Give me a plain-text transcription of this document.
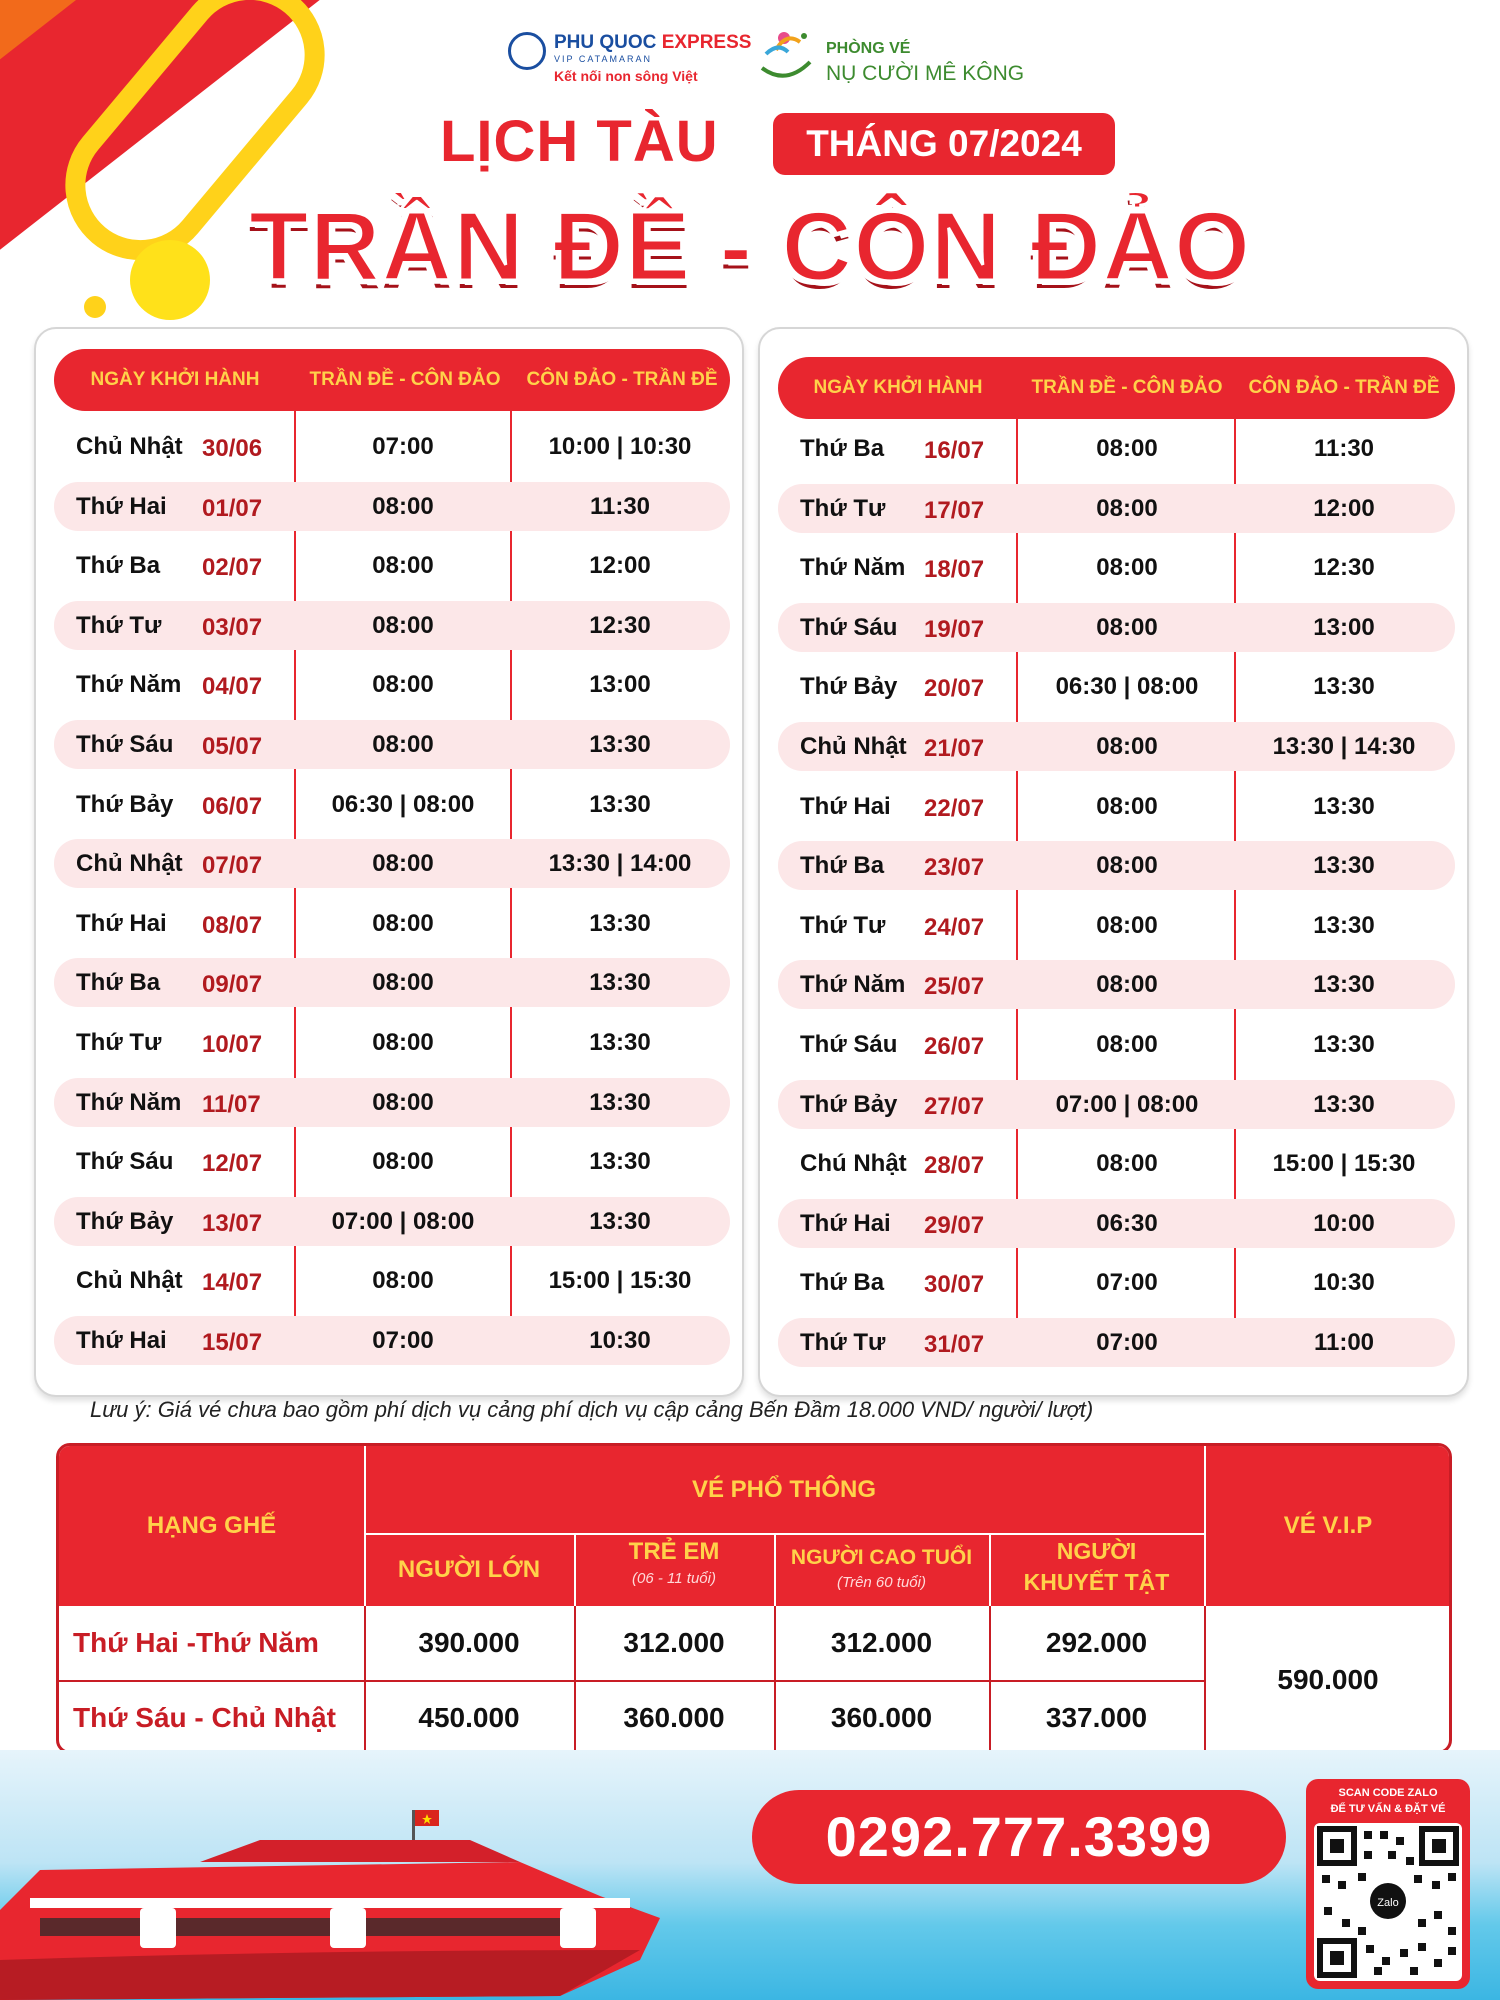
PHU QUOC EXPRESS
VIP CATAMARAN
Kết nối non sông Việt
PHÒNG VÉ
NỤ CƯỜI MÊ KÔNG
LỊCH TÀU	THÁNG 07/2024
TRẦN ĐỀ - CÔN ĐẢO
NGÀY KHỞI HÀNH	TRẦN ĐỀ - CÔN ĐẢO	CÔN ĐẢO - TRẦN ĐỀ
Chủ Nhật 30/06	07:00	10:00 | 10:30
Thứ Hai 01/07	08:00	11:30
Thứ Ba 02/07	08:00	12:00
Thứ Tư 03/07	08:00	12:30
Thứ Năm 04/07	08:00	13:00
Thứ Sáu 05/07	08:00	13:30
Thứ Bảy 06/07	06:30 | 08:00	13:30
Chủ Nhật 07/07	08:00	13:30 | 14:00
Thứ Hai 08/07	08:00	13:30
Thứ Ba 09/07	08:00	13:30
Thứ Tư 10/07	08:00	13:30
Thứ Năm 11/07	08:00	13:30
Thứ Sáu 12/07	08:00	13:30
Thứ Bảy 13/07	07:00 | 08:00	13:30
Chủ Nhật 14/07	08:00	15:00 | 15:30
Thứ Hai 15/07	07:00	10:30
NGÀY KHỞI HÀNH	TRẦN ĐỀ - CÔN ĐẢO	CÔN ĐẢO - TRẦN ĐỀ
Thứ Ba 16/07	08:00	11:30
Thứ Tư 17/07	08:00	12:00
Thứ Năm 18/07	08:00	12:30
Thứ Sáu 19/07	08:00	13:00
Thứ Bảy 20/07	06:30 | 08:00	13:30
Chủ Nhật 21/07	08:00	13:30 | 14:30
Thứ Hai 22/07	08:00	13:30
Thứ Ba 23/07	08:00	13:30
Thứ Tư 24/07	08:00	13:30
Thứ Năm 25/07	08:00	13:30
Thứ Sáu 26/07	08:00	13:30
Thứ Bảy 27/07	07:00 | 08:00	13:30
Chú Nhật 28/07	08:00	15:00 | 15:30
Thứ Hai 29/07	06:30	10:00
Thứ Ba 30/07	07:00	10:30
Thứ Tư 31/07	07:00	11:00
Lưu ý: Giá vé chưa bao gồm phí dịch vụ cảng phí dịch vụ cập cảng Bến Đầm 18.000 VND/ người/ lượt)
HẠNG GHẾ
VÉ PHỔ THÔNG
VÉ V.I.P
NGƯỜI LỚN
TRẺ EM
(06 - 11 tuổi)
NGƯỜI CAO TUỔI
(Trên 60 tuổi)
NGƯỜI
KHUYẾT TẬT
Thứ Hai -Thứ Năm	390.000	312.000	312.000	292.000
Thứ Sáu - Chủ Nhật	450.000	360.000	360.000	337.000
590.000
0292.777.3399
SCAN CODE ZALO
ĐỂ TƯ VẤN & ĐẶT VÉ
Zalo
